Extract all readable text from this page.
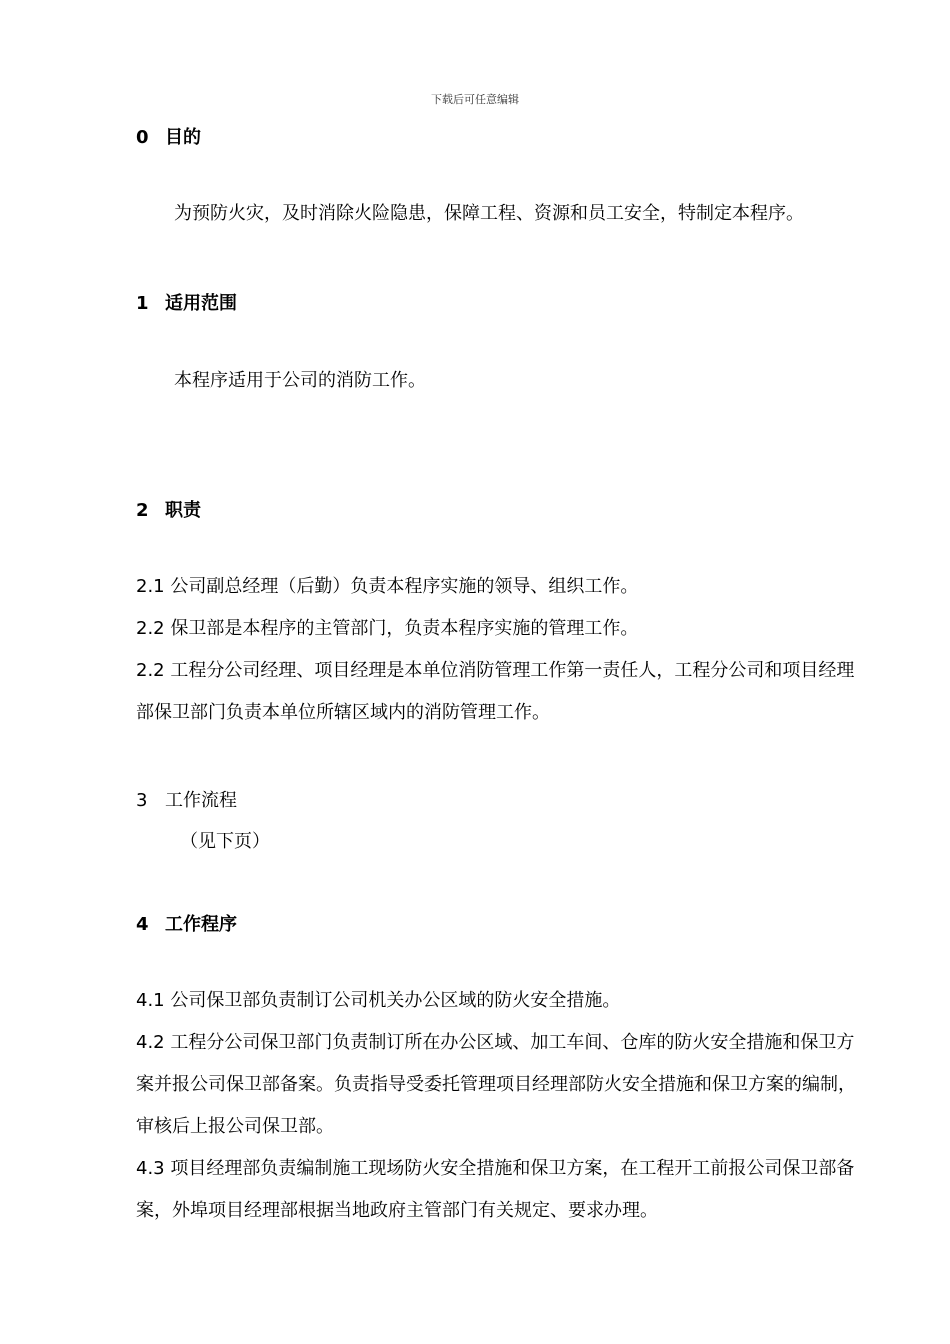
下载后可任意编辑
0 目的
为预防火灾，及时消除火险隐患，保障工程、资源和员工安全，特制定本程序。
1 适用范围
本程序适用于公司的消防工作。
2 职责

2.1 公司副总经理（后勤）负责本程序实施的领导、组织工作。

2.2 保卫部是本程序的主管部门，负责本程序实施的管理工作。

2.2 工程分公司经理、项目经理是本单位消防管理工作第一责任人，工程分公司和项目经理部保卫部门负责本单位所辖区域内的消防管理工作。

3 工作流程
（见下页）
4 工作程序

4.1 公司保卫部负责制订公司机关办公区域的防火安全措施。

4.2 工程分公司保卫部门负责制订所在办公区域、加工车间、仓库的防火安全措施和保卫方案并报公司保卫部备案。负责指导受委托管理项目经理部防火安全措施和保卫方案的编制，审核后上报公司保卫部。

4.3 项目经理部负责编制施工现场防火安全措施和保卫方案，在工程开工前报公司保卫部备案，外埠项目经理部根据当地政府主管部门有关规定、要求办理。
